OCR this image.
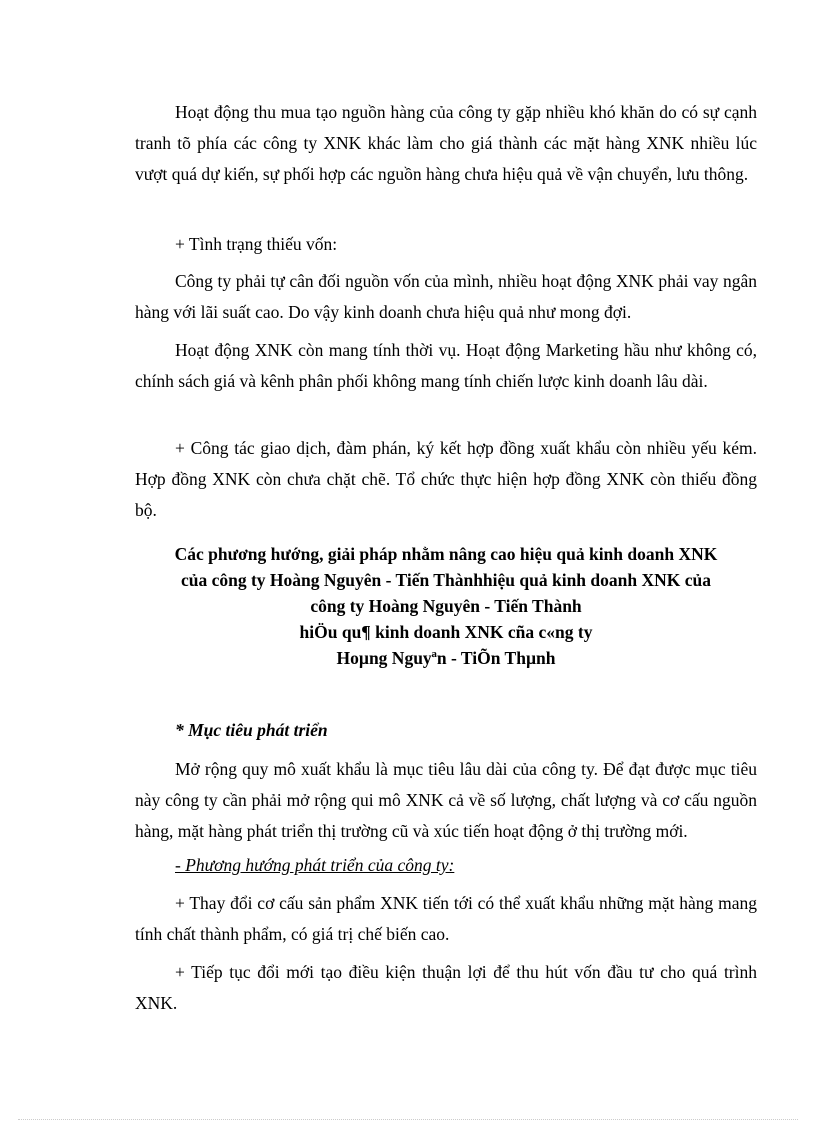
Hoạt động thu mua tạo nguồn hàng của công ty gặp nhiều khó khăn do có sự cạnh tranh tõ phía các công ty XNK khác làm cho giá thành các mặt hàng XNK nhiều lúc vượt quá dự kiến, sự phối hợp các nguồn hàng chưa hiệu quả về vận chuyển, lưu thông.

+ Tình trạng thiếu vốn:

Công ty phải tự cân đối nguồn vốn của mình, nhiều hoạt động XNK phải vay ngân hàng với lãi suất cao. Do vậy kinh doanh chưa hiệu quả như mong đợi.

Hoạt động XNK còn mang tính thời vụ. Hoạt động Marketing hầu như không có, chính sách giá và kênh phân phối không mang tính chiến lược kinh doanh lâu dài.

+ Công tác giao dịch, đàm phán, ký kết hợp đồng xuất khẩu còn nhiều yếu kém. Hợp đồng XNK còn chưa chặt chẽ. Tổ chức thực hiện hợp đồng XNK còn thiếu đồng bộ.

Các phương hướng, giải pháp nhằm nâng cao hiệu quả kinh doanh XNK
của công ty Hoàng Nguyên - Tiến Thànhhiệu quả kinh doanh XNK của
công ty Hoàng Nguyên - Tiến Thành
hiÖu qu¶ kinh doanh XNK cña c«ng ty
Hoµng Nguyªn - TiÕn Thµnh

* Mục tiêu phát triển

Mở rộng quy mô xuất khẩu là mục tiêu lâu dài của công ty. Để đạt được mục tiêu này công ty cần phải mở rộng qui mô XNK cả về số lượng, chất lượng và cơ cấu nguồn hàng, mặt hàng phát triển thị trường cũ và xúc tiến hoạt động ở thị trường mới.

- Phương hướng phát triển của công ty:

+ Thay đổi cơ cấu sản phẩm XNK tiến tới có thể xuất khẩu những mặt hàng mang tính chất thành phẩm, có giá trị chế biến cao.

+ Tiếp tục đổi mới tạo điều kiện thuận lợi để thu hút vốn đầu tư cho quá trình XNK.
